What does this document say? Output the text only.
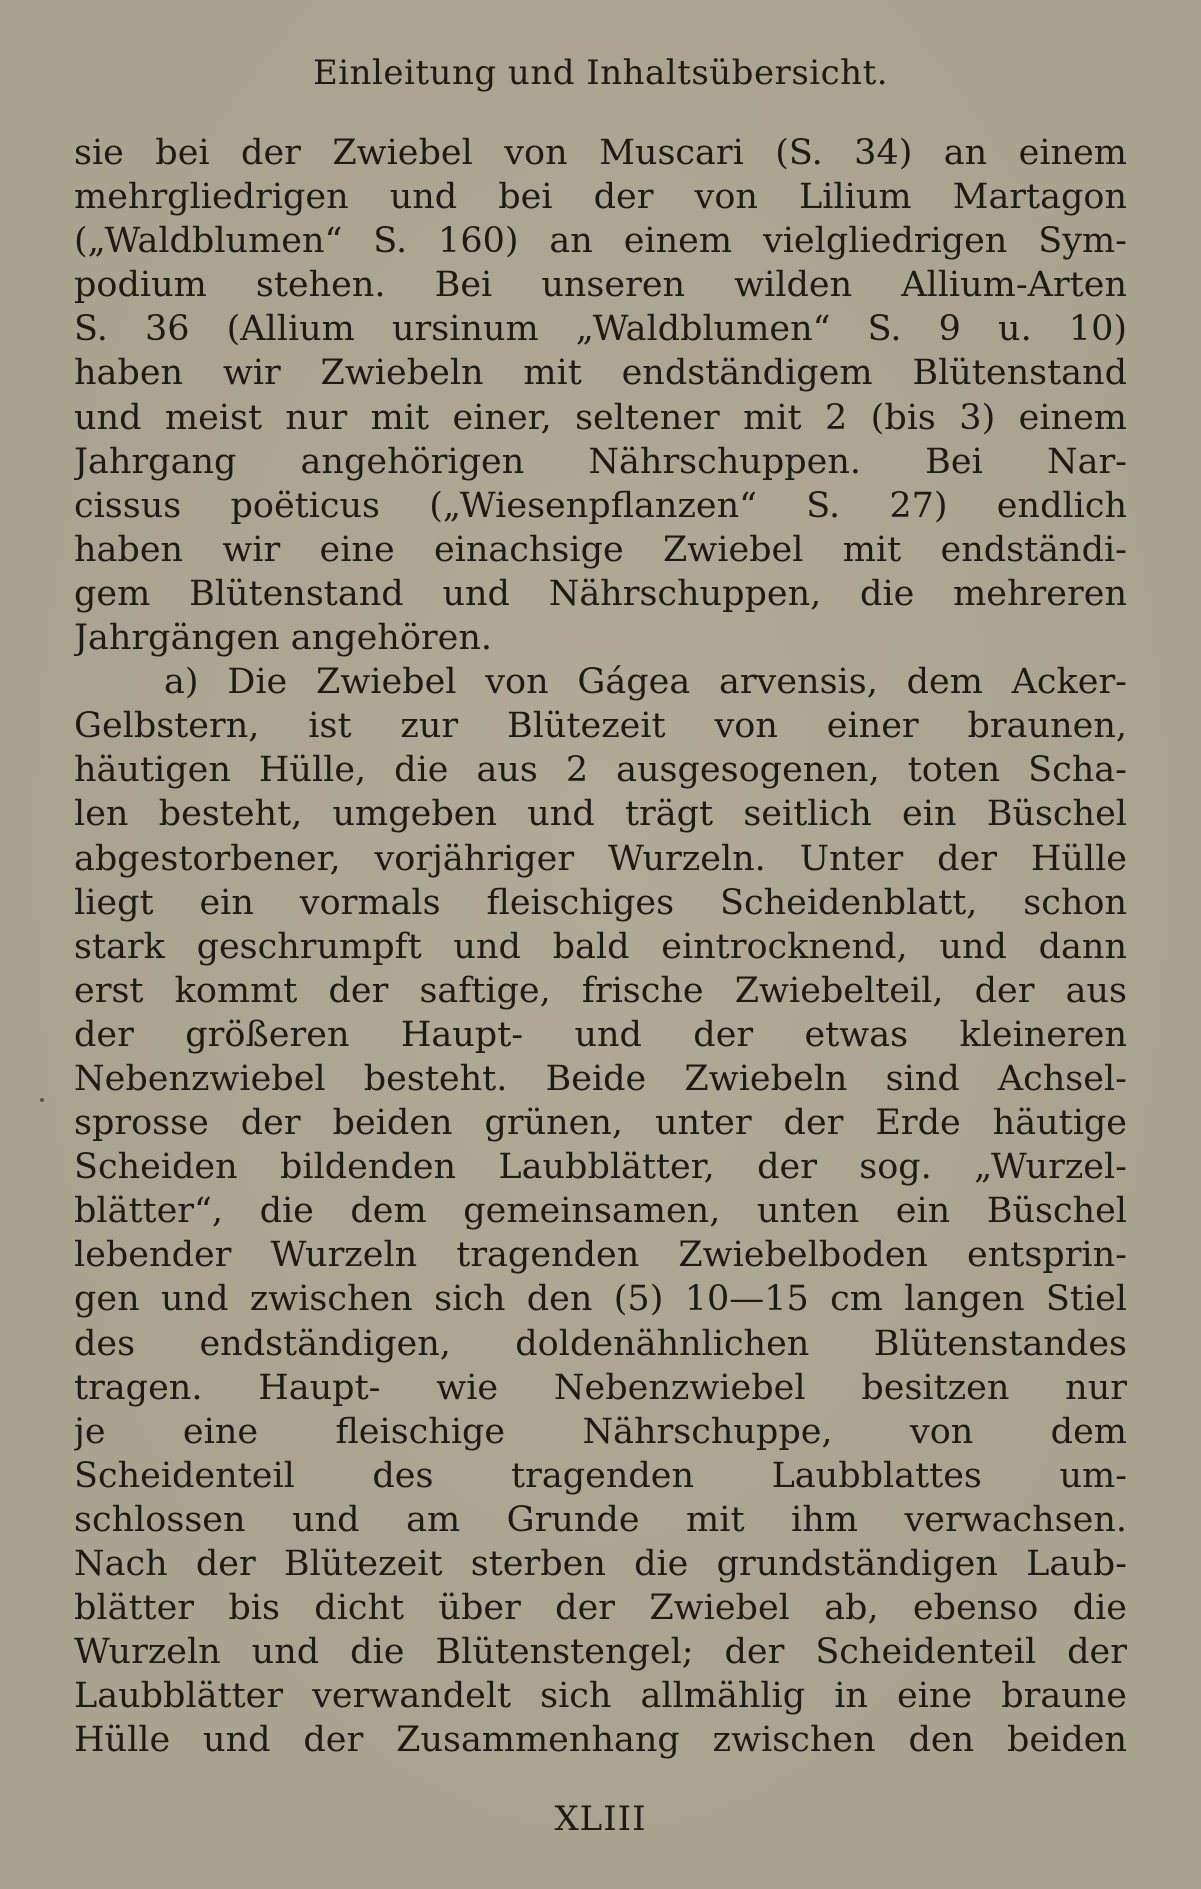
Einleitung und Inhaltsübersicht.
sie bei der Zwiebel von Muscari (S. 34) an einem
mehrgliedrigen und bei der von Lilium Martagon
(„Waldblumen“ S. 160) an einem vielgliedrigen Sym-
podium stehen. Bei unseren wilden Allium-Arten
S. 36 (Allium ursinum „Waldblumen“ S. 9 u. 10)
haben wir Zwiebeln mit endständigem Blütenstand
und meist nur mit einer, seltener mit 2 (bis 3) einem
Jahrgang angehörigen Nährschuppen. Bei Nar-
cissus poëticus („Wiesenpflanzen“ S. 27) endlich
haben wir eine einachsige Zwiebel mit endständi-
gem Blütenstand und Nährschuppen, die mehreren
Jahrgängen angehören.
a) Die Zwiebel von Gágea arvensis, dem Acker-
Gelbstern, ist zur Blütezeit von einer braunen,
häutigen Hülle, die aus 2 ausgesogenen, toten Scha-
len besteht, umgeben und trägt seitlich ein Büschel
abgestorbener, vorjähriger Wurzeln. Unter der Hülle
liegt ein vormals fleischiges Scheidenblatt, schon
stark geschrumpft und bald eintrocknend, und dann
erst kommt der saftige, frische Zwiebelteil, der aus
der größeren Haupt- und der etwas kleineren
Nebenzwiebel besteht. Beide Zwiebeln sind Achsel-
sprosse der beiden grünen, unter der Erde häutige
Scheiden bildenden Laubblätter, der sog. „Wurzel-
blätter“, die dem gemeinsamen, unten ein Büschel
lebender Wurzeln tragenden Zwiebelboden entsprin-
gen und zwischen sich den (5) 10—15 cm langen Stiel
des endständigen, doldenähnlichen Blütenstandes
tragen. Haupt- wie Nebenzwiebel besitzen nur
je eine fleischige Nährschuppe, von dem
Scheidenteil des tragenden Laubblattes um-
schlossen und am Grunde mit ihm verwachsen.
Nach der Blütezeit sterben die grundständigen Laub-
blätter bis dicht über der Zwiebel ab, ebenso die
Wurzeln und die Blütenstengel; der Scheidenteil der
Laubblätter verwandelt sich allmählig in eine braune
Hülle und der Zusammenhang zwischen den beiden
XLIII
